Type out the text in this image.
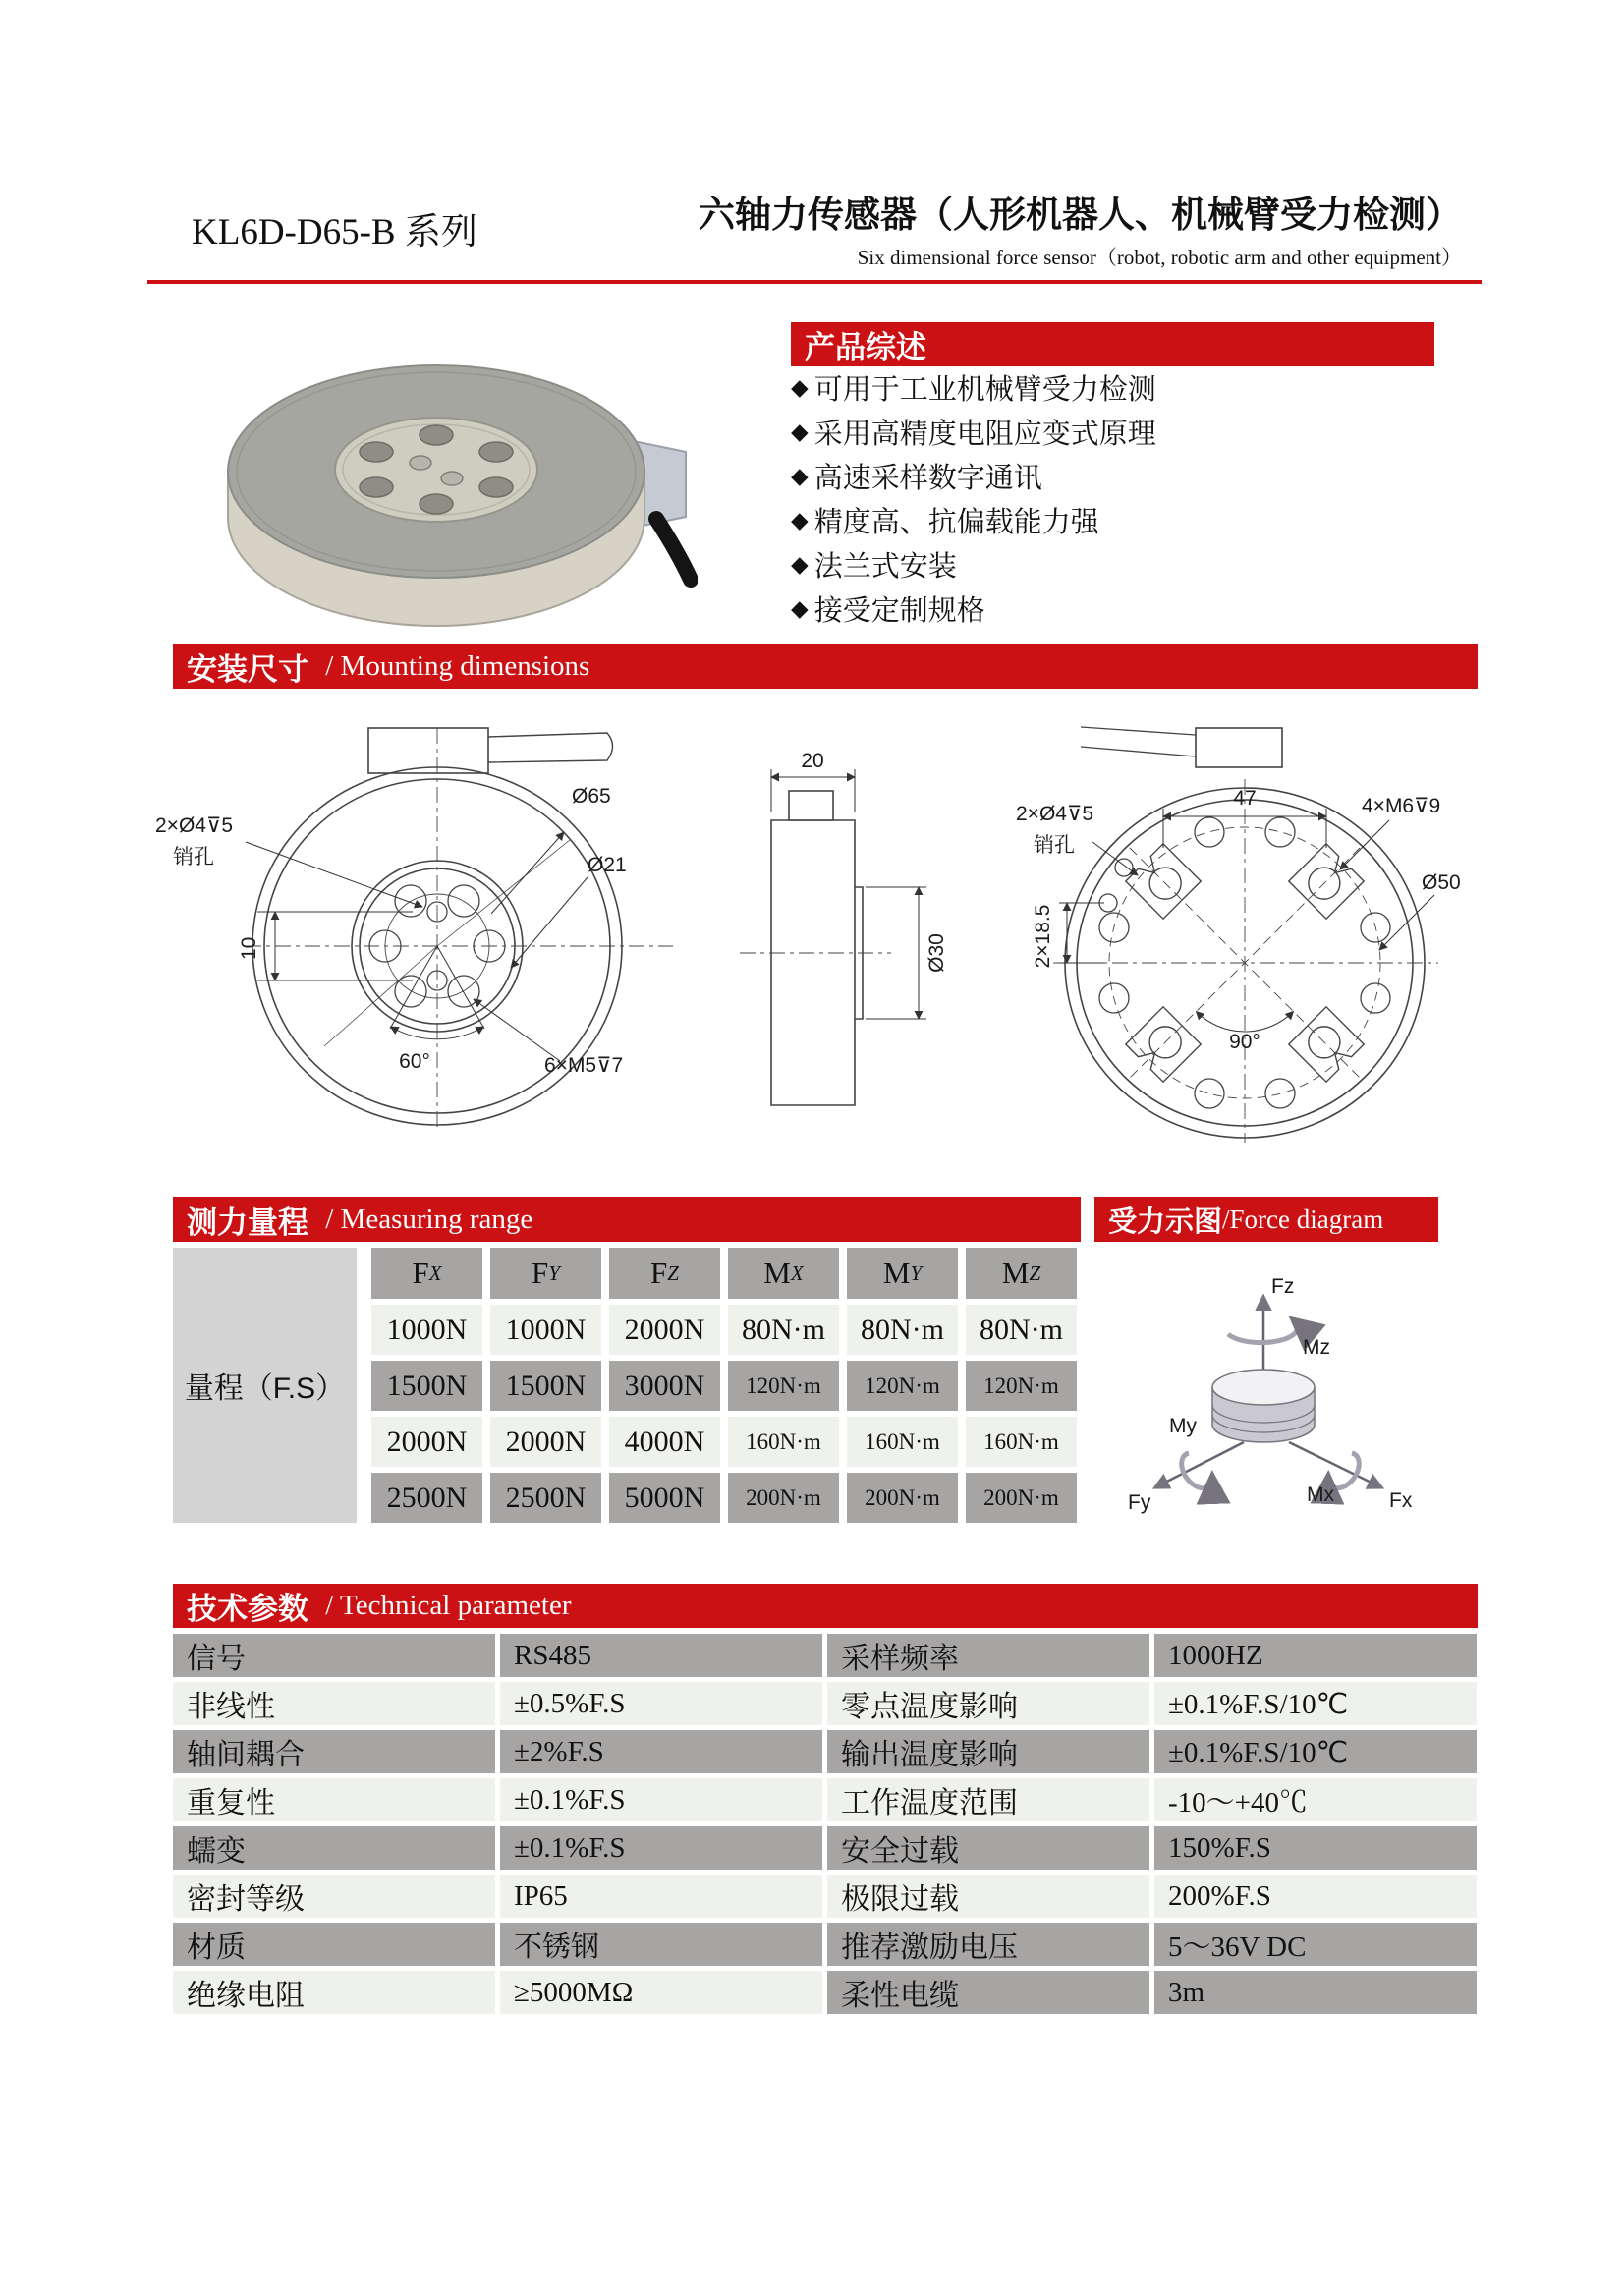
KL6D-D65-B 系列	六轴力传感器（人形机器人、机械臂受力检测）
Six dimensional force sensor（robot, robotic arm and other equipment）
产品综述
◆ 可用于工业机械臂受力检测
◆ 采用高精度电阻应变式原理
◆ 高速采样数字通讯
◆ 精度高、抗偏载能力强
◆ 法兰式安装
◆ 接受定制规格
安装尺寸 / Mounting dimensions
2×Ø4⊽5
销孔
Ø65
Ø21
10
60°	6×M5⊽7
20
Ø30
2×Ø4⊽5
销孔
47	4×M6⊽9
Ø50
2×18.5
90°
测力量程 / Measuring range	受力示图 /Force diagram
量程（F.S）
F X	F Y	F Z	M X	M Y	M Z
1000N	1000N	2000N	80N·m	80N·m	80N·m
1500N	1500N	3000N	120N·m	120N·m	120N·m
2000N	2000N	4000N	160N·m	160N·m	160N·m
2500N	2500N	5000N	200N·m	200N·m	200N·m
Fz
Mz
My
Fy	Mx	Fx
技术参数 / Technical parameter
信号	RS485	采样频率	1000HZ
非线性	±0.5%F.S	零点温度影响	±0.1%F.S/10℃
轴间耦合	±2%F.S	输出温度影响	±0.1%F.S/10℃
重复性	±0.1%F.S	工作温度范围	-10～+40℃
蠕变	±0.1%F.S	安全过载	150%F.S
密封等级	IP65	极限过载	200%F.S
材质	不锈钢	推荐激励电压	5～36V DC
绝缘电阻	≥5000MΩ	柔性电缆	3m
